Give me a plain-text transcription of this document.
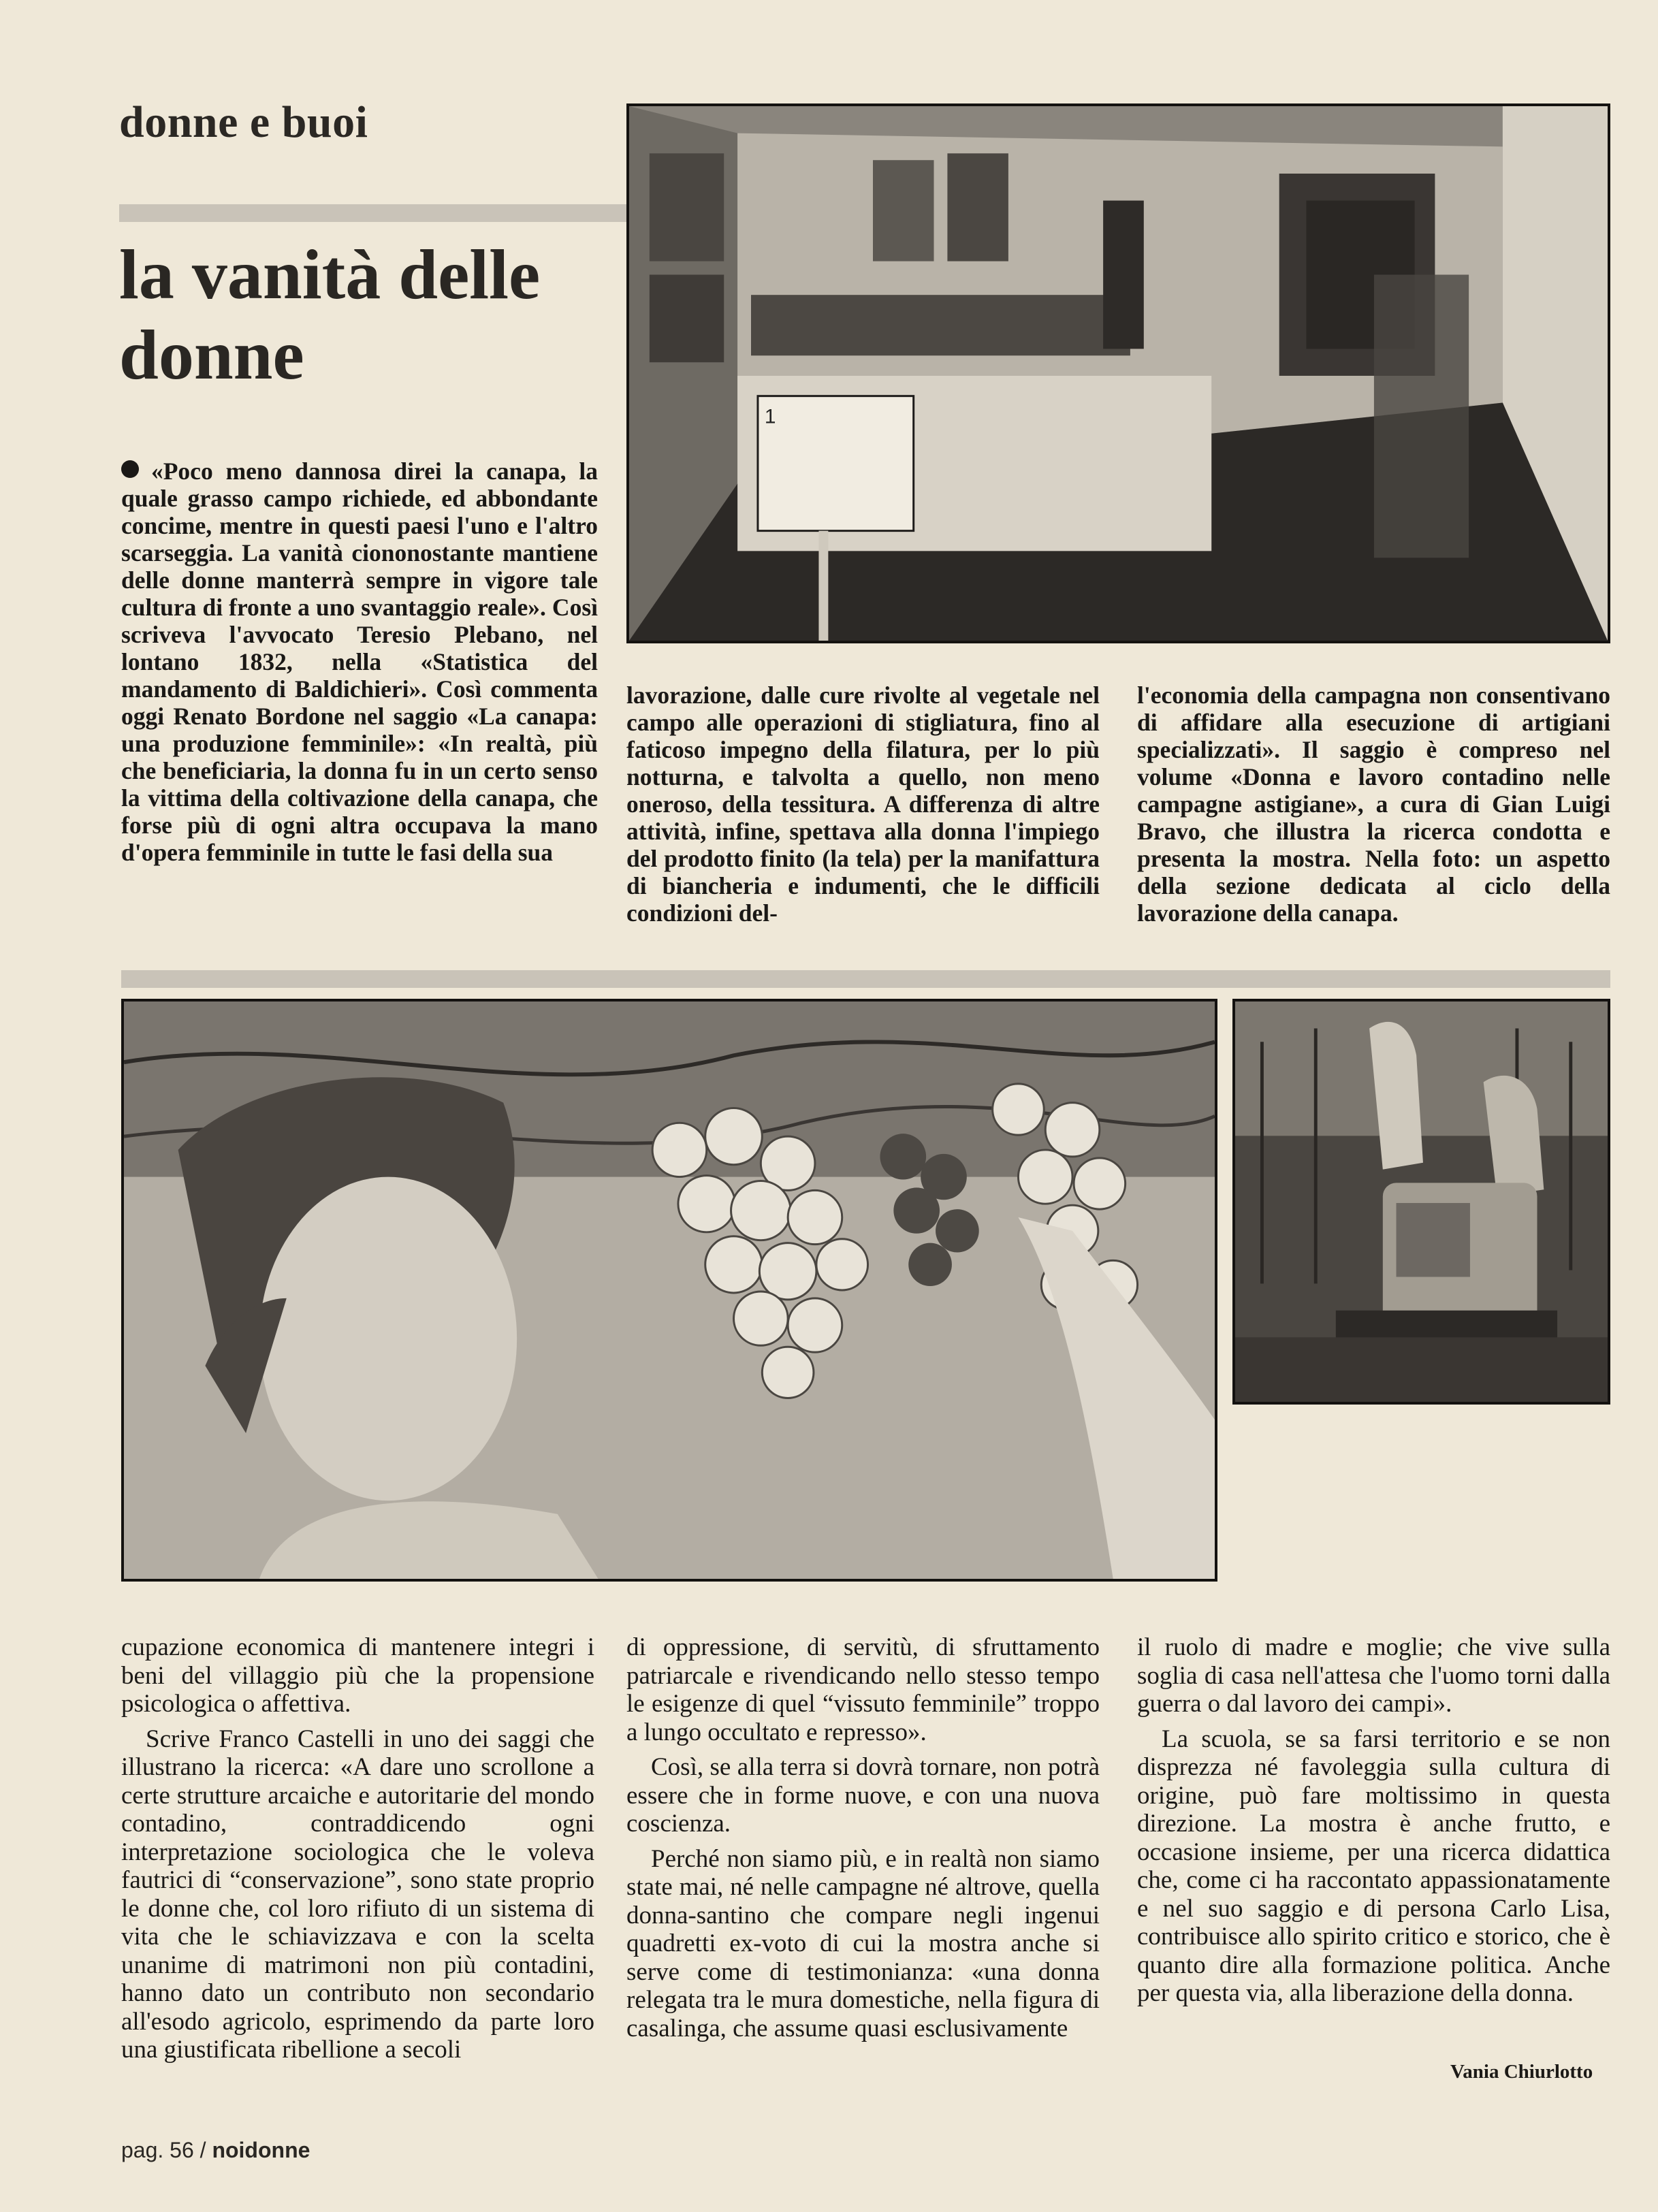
donne e buoi
la vanità delle donne
1

«Poco meno dannosa direi la canapa, la quale grasso campo richiede, ed abbondante concime, mentre in questi paesi l'uno e l'altro scarseggia. La vanità ciononostante mantiene delle donne manterrà sempre in vigore tale cultura di fronte a uno svantaggio reale». Così scriveva l'avvocato Teresio Plebano, nel lontano 1832, nella «Statistica del mandamento di Baldichieri». Così commenta oggi Renato Bordone nel saggio «La canapa: una produzione femminile»: «In realtà, più che beneficiaria, la donna fu in un certo senso la vittima della coltivazione della canapa, che forse più di ogni altra occupava la mano d'opera femminile in tutte le fasi della sua

lavorazione, dalle cure rivolte al vegetale nel campo alle operazioni di stigliatura, fino al faticoso impegno della filatura, per lo più notturna, e talvolta a quello, non meno oneroso, della tessitura. A differenza di altre attività, infine, spettava alla donna l'impiego del prodotto finito (la tela) per la manifattura di biancheria e indumenti, che le difficili condizioni del-

l'economia della campagna non consentivano di affidare alla esecuzione di artigiani specializzati». Il saggio è compreso nel volume «Donna e lavoro contadino nelle campagne astigiane», a cura di Gian Luigi Bravo, che illustra la ricerca condotta e presenta la mostra. Nella foto: un aspetto della sezione dedicata al ciclo della lavorazione della canapa.

cupazione economica di mantenere integri i beni del villaggio più che la propensione psicologica o affettiva.

Scrive Franco Castelli in uno dei saggi che illustrano la ricerca: «A dare uno scrollone a certe strutture arcaiche e autoritarie del mondo contadino, contraddicendo ogni interpretazione sociologica che le voleva fautrici di “conservazione”, sono state proprio le donne che, col loro rifiuto di un sistema di vita che le schiavizzava e con la scelta unanime di matrimoni non più contadini, hanno dato un contributo non secondario all'esodo agricolo, esprimendo da parte loro una giustificata ribellione a secoli

di oppressione, di servitù, di sfruttamento patriarcale e rivendicando nello stesso tempo le esigenze di quel “vissuto femminile” troppo a lungo occultato e represso».

Così, se alla terra si dovrà tornare, non potrà essere che in forme nuove, e con una nuova coscienza.

Perché non siamo più, e in realtà non siamo state mai, né nelle campagne né altrove, quella donna-santino che compare negli ingenui quadretti ex-voto di cui la mostra anche si serve come di testimonianza: «una donna relegata tra le mura domestiche, nella figura di casalinga, che assume quasi esclusivamente

il ruolo di madre e moglie; che vive sulla soglia di casa nell'attesa che l'uomo torni dalla guerra o dal lavoro dei campi».

La scuola, se sa farsi territorio e se non disprezza né favoleggia sulla cultura di origine, può fare moltissimo in questa direzione. La mostra è anche frutto, e occasione insieme, per una ricerca didattica che, come ci ha raccontato appassionatamente e nel suo saggio e di persona Carlo Lisa, contribuisce allo spirito critico e storico, che è quanto dire alla formazione politica. Anche per questa via, alla liberazione della donna.

Vania Chiurlotto
pag. 56 / noidonne
